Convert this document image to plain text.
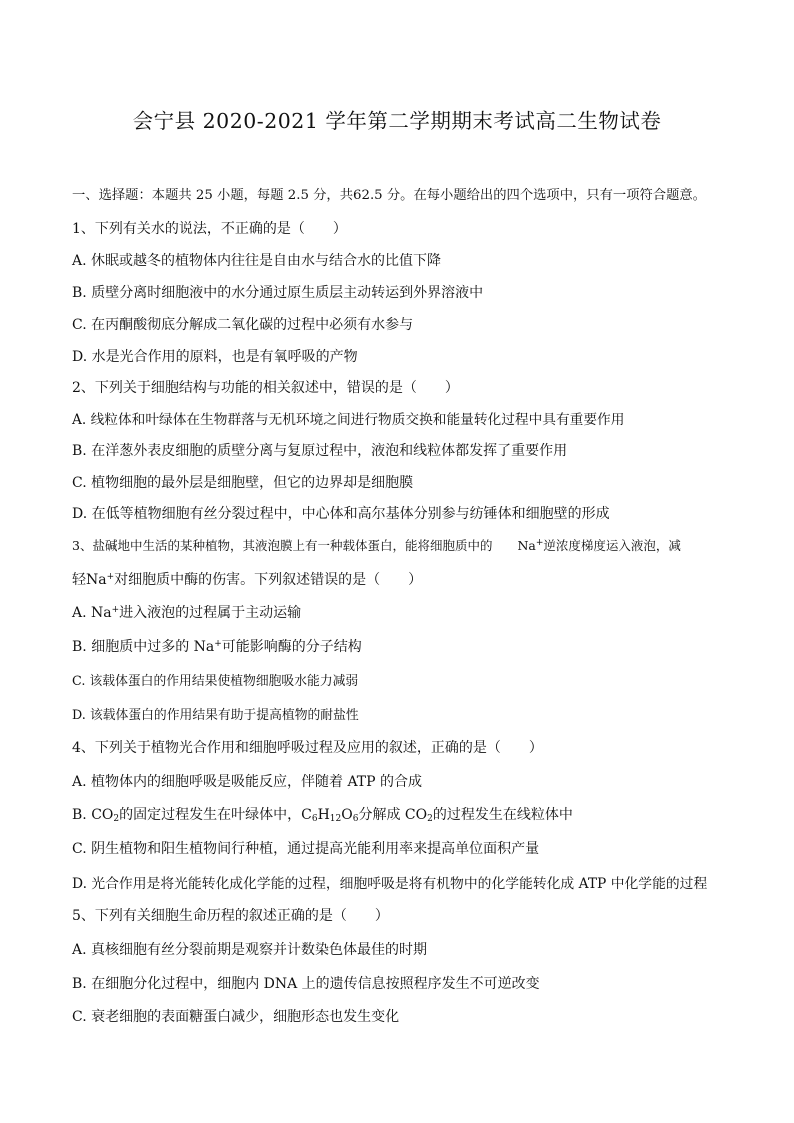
会宁县 2020-2021 学年第二学期期末考试高二生物试卷
一、选择题：本题共 25 小题，每题 2.5 分，共62.5 分。在每小题给出的四个选项中，只有一项符合题意。
1、下列有关水的说法，不正确的是（　　）
A. 休眠或越冬的植物体内往往是自由水与结合水的比值下降
B. 质壁分离时细胞液中的水分通过原生质层主动转运到外界溶液中
C. 在丙酮酸彻底分解成二氧化碳的过程中必须有水参与
D. 水是光合作用的原料，也是有氧呼吸的产物
2、下列关于细胞结构与功能的相关叙述中，错误的是（　　）
A. 线粒体和叶绿体在生物群落与无机环境之间进行物质交换和能量转化过程中具有重要作用
B. 在洋葱外表皮细胞的质壁分离与复原过程中，液泡和线粒体都发挥了重要作用
C. 植物细胞的最外层是细胞壁，但它的边界却是细胞膜
D. 在低等植物细胞有丝分裂过程中，中心体和高尔基体分别参与纺锤体和细胞壁的形成
3、盐碱地中生活的某种植物，其液泡膜上有一种载体蛋白，能将细胞质中的　　Na+逆浓度梯度运入液泡，减
轻Na+对细胞质中酶的伤害。下列叙述错误的是（　　）
A. Na+进入液泡的过程属于主动运输
B. 细胞质中过多的 Na+可能影响酶的分子结构
C. 该载体蛋白的作用结果使植物细胞吸水能力减弱
D. 该载体蛋白的作用结果有助于提高植物的耐盐性
4、下列关于植物光合作用和细胞呼吸过程及应用的叙述，正确的是（　　）
A. 植物体内的细胞呼吸是吸能反应，伴随着 ATP 的合成
B. $CO_2$的固定过程发生在叶绿体中，$C_6H_{12}O_6$分解成 $CO_2$的过程发生在线粒体中
C. 阴生植物和阳生植物间行种植，通过提高光能利用率来提高单位面积产量
D. 光合作用是将光能转化成化学能的过程，细胞呼吸是将有机物中的化学能转化成 ATP 中化学能的过程
5、下列有关细胞生命历程的叙述正确的是（　　）
A. 真核细胞有丝分裂前期是观察并计数染色体最佳的时期
B. 在细胞分化过程中，细胞内 DNA 上的遗传信息按照程序发生不可逆改变
C. 衰老细胞的表面糖蛋白减少，细胞形态也发生变化
